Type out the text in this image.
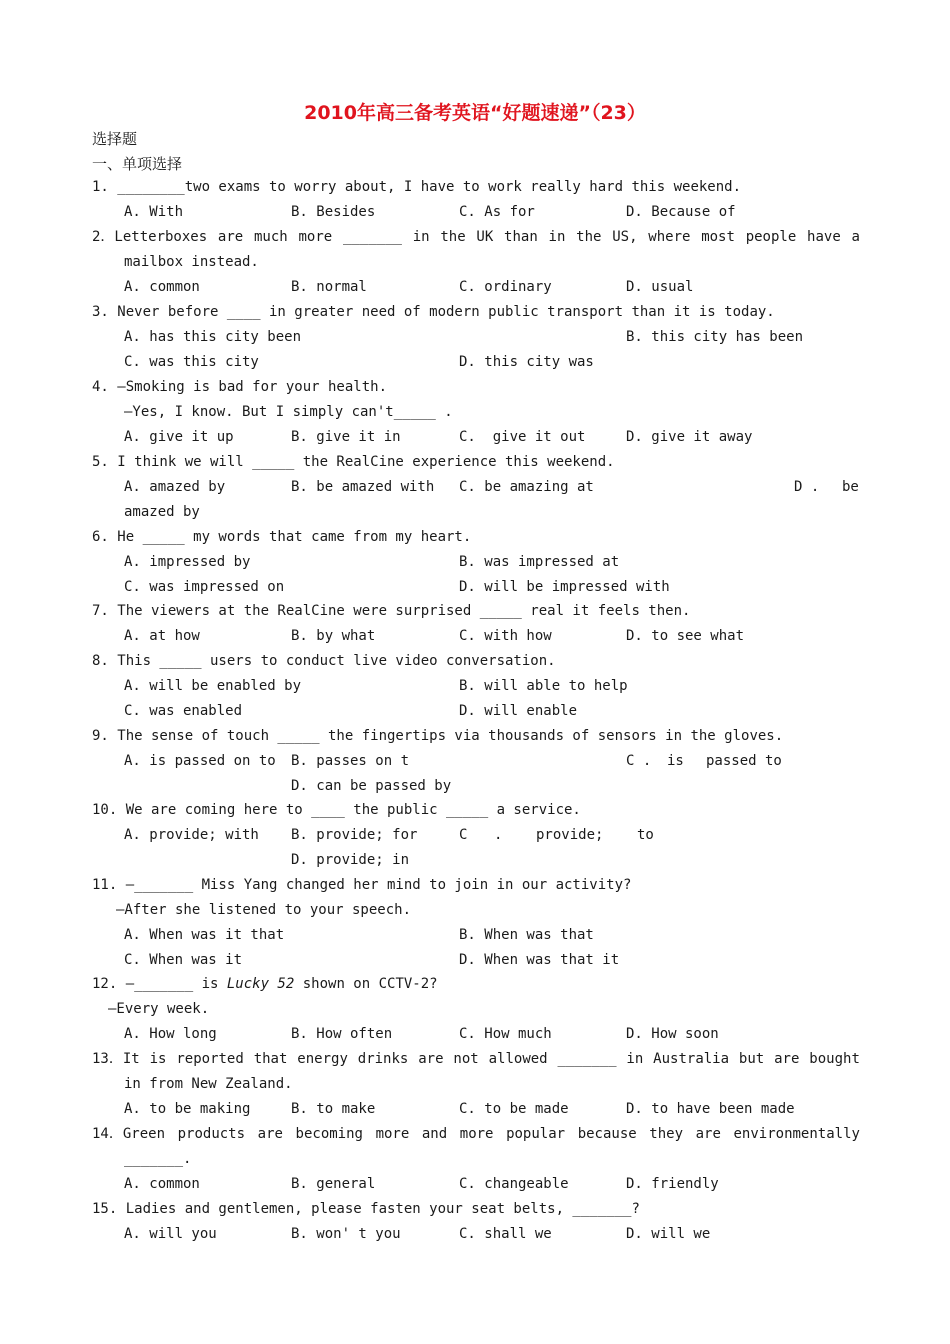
2010年高三备考英语“好题速递”（23）
选择题
一、单项选择
1. ________two exams to worry about, I have to work really hard this weekend.
A. With	B. Besides	C. As for	D. Because of
2．Letterboxes are much more _______ in the UK than in the US, where most people have a
mailbox instead.
A. common	B. normal	C. ordinary	D. usual
3. Never before ____ in greater need of modern public transport than it is today.
A. has this city been	B. this city has been
C. was this city	D. this city was
4. —Smoking is bad for your health.
—Yes, I know. But I simply can't_____ .
A. give it up	B. give it in	C.  give it out	D. give it away
5. I think we will _____ the RealCine experience this weekend.
A. amazed by	B. be amazed with C. be amazing at	D . be
amazed by
6. He _____ my words that came from my heart.
A. impressed by	B. was impressed at
C. was impressed on	D. will be impressed with
7. The viewers at the RealCine were surprised _____ real it feels then.
A. at how	B. by what	C. with how	D. to see what
8. This _____ users to conduct live video conversation.
A. will be enabled by	B. will able to help
C. was enabled	D. will enable
9. The sense of touch _____ the fingertips via thousands of sensors in the gloves.
A. is passed on to B. passes on t	C . is passed to
D. can be passed by
10. We are coming here to ____ the public _____ a service.
A. provide; with B. provide; for	C . provide; to
D. provide; in
11. —_______ Miss Yang changed her mind to join in our activity?
—After she listened to your speech.
A. When was it that	B. When was that
C. When was it	D. When was that it
12. —_______ is Lucky 52 shown on CCTV-2?
—Every week.
A. How long	B. How often	C. How much	D. How soon
13．It is reported that energy drinks are not allowed _______ in Australia but are bought
in from New Zealand.
A. to be making	B. to make	C. to be made	D. to have been made
14．Green products are becoming more and more popular because they are environmentally
_______.
A. common	B. general	C. changeable	D. friendly
15. Ladies and gentlemen, please fasten your seat belts, _______?
A. will you	B. won' t you	C. shall we	D. will we
